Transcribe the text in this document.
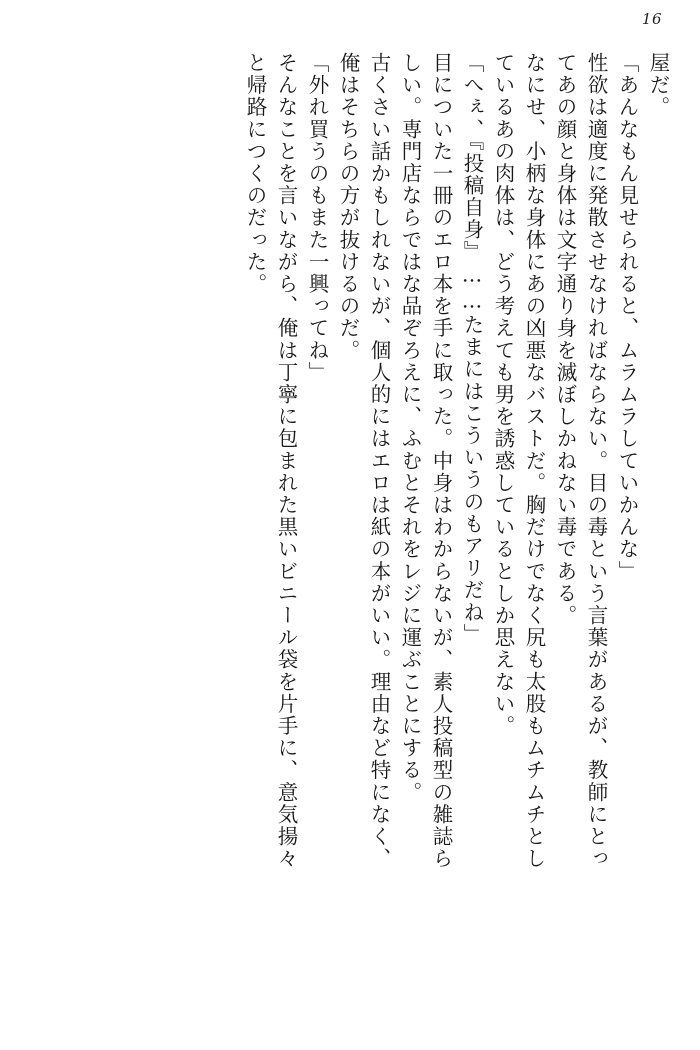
16
屋だ。
「あんなもん見せられると、ムラムラしていかんな」
性欲は適度に発散させなければならない。目の毒という言葉があるが、教師にとっ
てあの顔と身体は文字通り身を滅ぼしかねない毒である。
なにせ、小柄な身体にあの凶悪なバストだ。胸だけでなく尻も太股もムチムチとし
ているあの肉体は、どう考えても男を誘惑しているとしか思えない。
「へぇ、『投稿自身』……たまにはこういうのもアリだね」
目についた一冊のエロ本を手に取った。中身はわからないが、素人投稿型の雑誌ら
しい。専門店ならではな品ぞろえに、ふむとそれをレジに運ぶことにする。
古くさい話かもしれないが、個人的にはエロは紙の本がいい。理由など特になく、
俺はそちらの方が抜けるのだ。
「外れ買うのもまた一興ってね」
そんなことを言いながら、俺は丁寧に包まれた黒いビニール袋を片手に、意気揚々
と帰路につくのだった。
